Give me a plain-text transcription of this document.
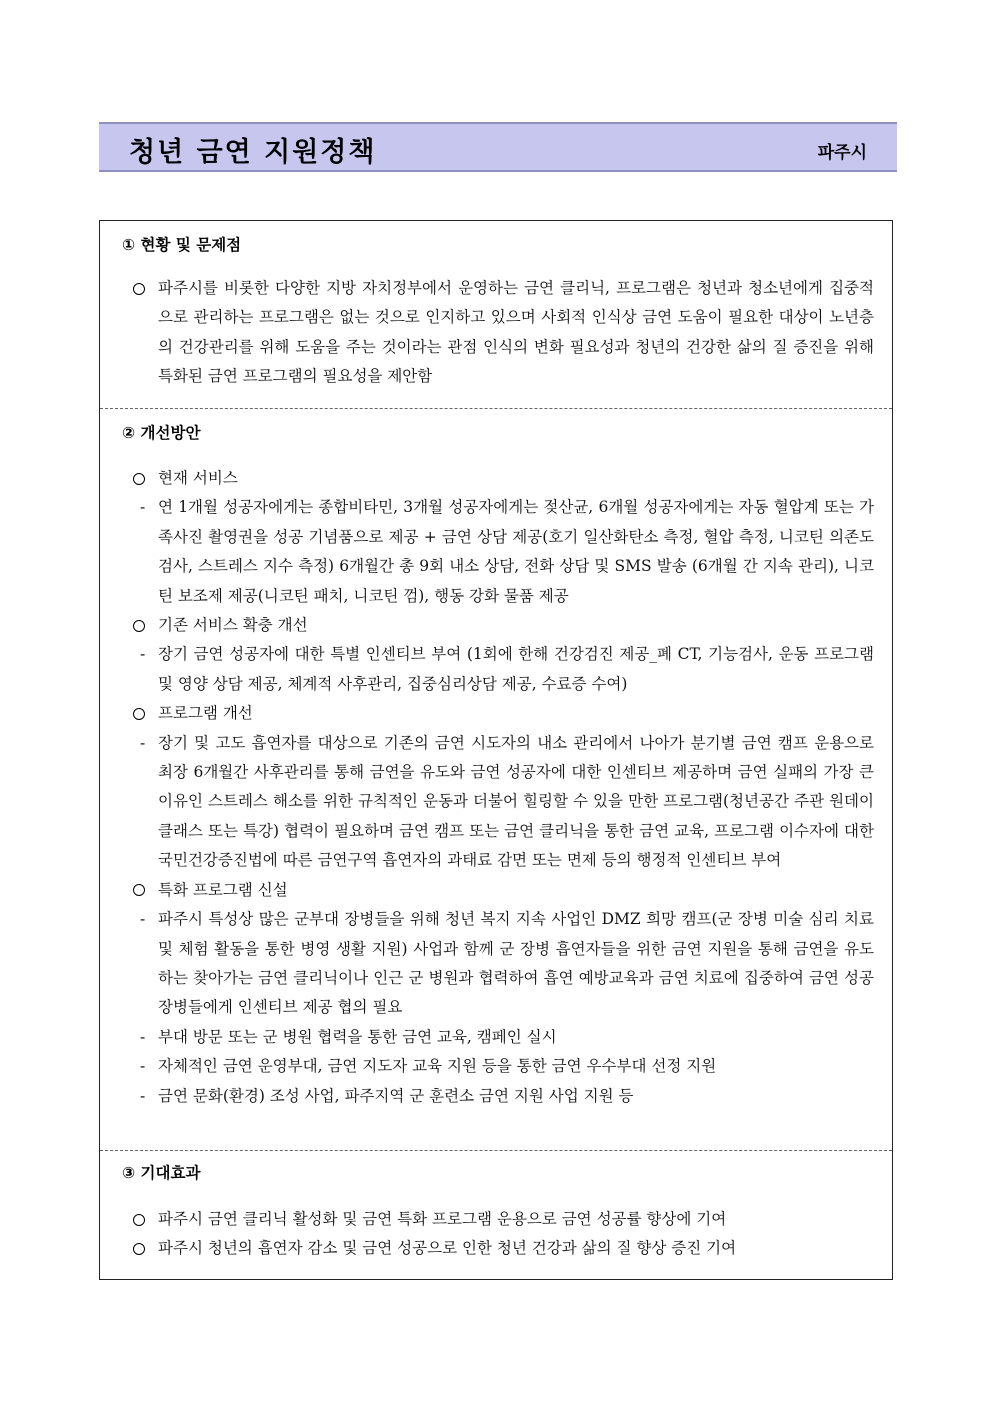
청년 금연 지원정책	파주시
① 현황 및 문제점
파주시를 비롯한 다양한 지방 자치정부에서 운영하는 금연 클리닉, 프로그램은 청년과 청소년에게 집중적으로 관리하는 프로그램은 없는 것으로 인지하고 있으며 사회적 인식상 금연 도움이 필요한 대상이 노년층의 건강관리를 위해 도움을 주는 것이라는 관점 인식의 변화 필요성과 청년의 건강한 삶의 질 증진을 위해 특화된 금연 프로그램의 필요성을 제안함
② 개선방안
현재 서비스
- 연 1개월 성공자에게는 종합비타민, 3개월 성공자에게는 젖산균, 6개월 성공자에게는 자동 혈압계 또는 가족사진 촬영권을 성공 기념품으로 제공 + 금연 상담 제공(호기 일산화탄소 측정, 혈압 측정, 니코틴 의존도 검사, 스트레스 지수 측정) 6개월간 총 9회 내소 상담, 전화 상담 및 SMS 발송 (6개월 간 지속 관리), 니코틴 보조제 제공(니코틴 패치, 니코틴 껌), 행동 강화 물품 제공
기존 서비스 확충 개선
- 장기 금연 성공자에 대한 특별 인센티브 부여 (1회에 한해 건강검진 제공_폐 CT, 기능검사, 운동 프로그램 및 영양 상담 제공, 체계적 사후관리, 집중심리상담 제공, 수료증 수여)
프로그램 개선
- 장기 및 고도 흡연자를 대상으로 기존의 금연 시도자의 내소 관리에서 나아가 분기별 금연 캠프 운용으로 최장 6개월간 사후관리를 통해 금연을 유도와 금연 성공자에 대한 인센티브 제공하며 금연 실패의 가장 큰 이유인 스트레스 해소를 위한 규칙적인 운동과 더불어 힐링할 수 있을 만한 프로그램(청년공간 주관 원데이클래스 또는 특강) 협력이 필요하며 금연 캠프 또는 금연 클리닉을 통한 금연 교육, 프로그램 이수자에 대한 국민건강증진법에 따른 금연구역 흡연자의 과태료 감면 또는 면제 등의 행정적 인센티브 부여
특화 프로그램 신설
- 파주시 특성상 많은 군부대 장병들을 위해 청년 복지 지속 사업인 DMZ 희망 캠프(군 장병 미술 심리 치료 및 체험 활동을 통한 병영 생활 지원) 사업과 함께 군 장병 흡연자들을 위한 금연 지원을 통해 금연을 유도하는 찾아가는 금연 클리닉이나 인근 군 병원과 협력하여 흡연 예방교육과 금연 치료에 집중하여 금연 성공 장병들에게 인센티브 제공 협의 필요
- 부대 방문 또는 군 병원 협력을 통한 금연 교육, 캠페인 실시
- 자체적인 금연 운영부대, 금연 지도자 교육 지원 등을 통한 금연 우수부대 선정 지원
- 금연 문화(환경) 조성 사업, 파주지역 군 훈련소 금연 지원 사업 지원 등
③ 기대효과
파주시 금연 클리닉 활성화 및 금연 특화 프로그램 운용으로 금연 성공률 향상에 기여
파주시 청년의 흡연자 감소 및 금연 성공으로 인한 청년 건강과 삶의 질 향상 증진 기여
